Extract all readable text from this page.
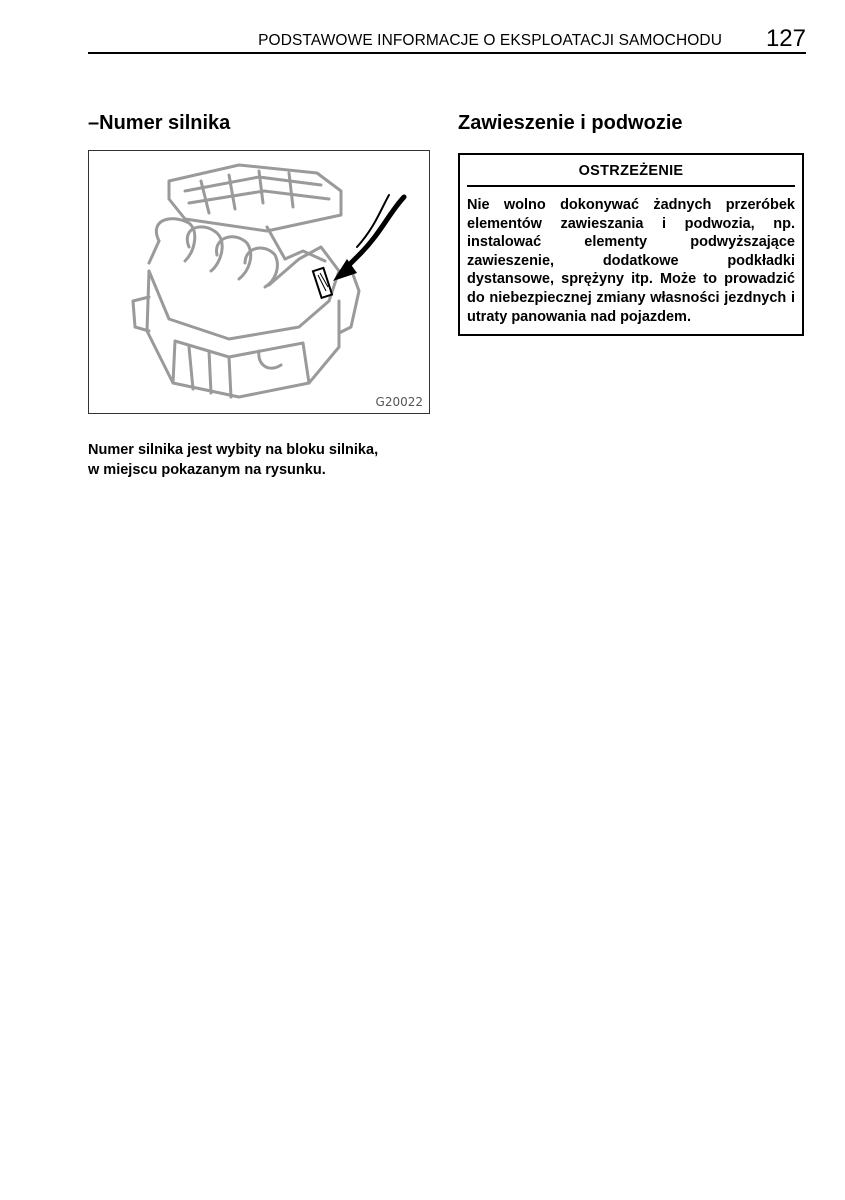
PODSTAWOWE INFORMACJE O EKSPLOATACJI SAMOCHODU 127
–Numer silnika
G20022
Numer silnika jest wybity na bloku silnika,
w miejscu pokazanym na rysunku.
Zawieszenie i podwozie
OSTRZEŻENIE
Nie wolno dokonywać żadnych przeróbek elementów zawieszania i podwozia, np. instalować elementy podwyższające zawieszenie, dodatkowe podkładki dystansowe, sprężyny itp. Może to prowadzić do niebezpiecznej zmiany własności jezdnych i utraty panowania nad pojazdem.
